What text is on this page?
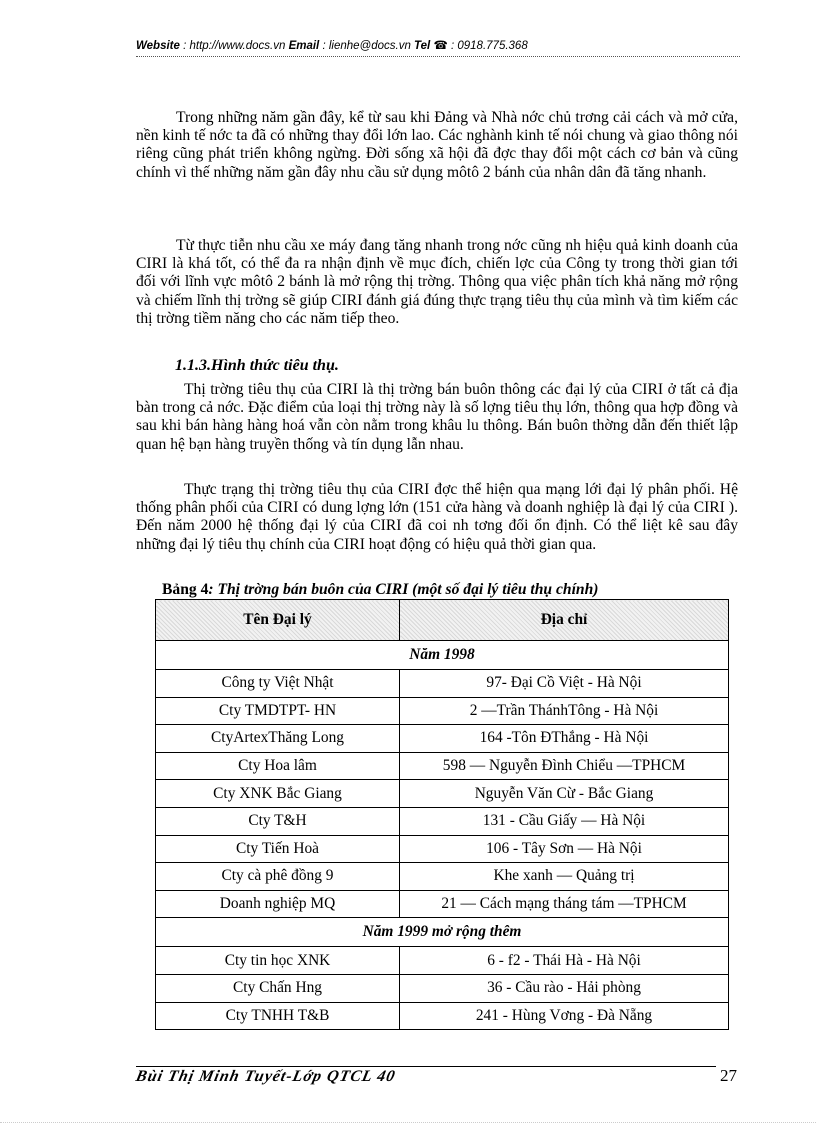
Website : http://www.docs.vn Email : lienhe@docs.vn Tel ☎ : 0918.775.368
Trong những năm gần đây, kể từ sau khi Đảng và Nhà nớc chủ trơng cải cách và mở cửa, nền kinh tế nớc ta đã có những thay đổi lớn lao. Các nghành kinh tế nói chung và giao thông nói riêng cũng phát triển không ngừng. Đời sống xã hội đã đợc thay đổi một cách cơ bản và cũng chính vì thế những năm gần đây nhu cầu sử dụng môtô 2 bánh của nhân dân đã tăng nhanh.
Từ thực tiễn nhu cầu xe máy đang tăng nhanh trong nớc cũng nh hiệu quả kinh doanh của CIRI là khá tốt, có thể đa ra nhận định về mục đích, chiến lợc của Công ty trong thời gian tới đối với lĩnh vực môtô 2 bánh là mở rộng thị trờng. Thông qua việc phân tích khả năng mở rộng và chiếm lĩnh thị trờng sẽ giúp CIRI đánh giá đúng thực trạng tiêu thụ của mình và tìm kiếm các thị trờng tiềm năng cho các năm tiếp theo.
1.1.3.Hình thức tiêu thụ.
Thị trờng tiêu thụ của CIRI là thị trờng bán buôn thông các đại lý của CIRI ở tất cả địa bàn trong cả nớc. Đặc điểm của loại thị trờng này là số lợng tiêu thụ lớn, thông qua hợp đồng và sau khi bán hàng hàng hoá vẫn còn nằm trong khâu lu thông. Bán buôn thờng dẫn đến thiết lập quan hệ bạn hàng truyền thống và tín dụng lẫn nhau.
Thực trạng thị trờng tiêu thụ của CIRI đợc thể hiện qua mạng lới đại lý phân phối. Hệ thống phân phối của CIRI có dung lợng lớn (151 cửa hàng và doanh nghiệp là đại lý của CIRI ). Đến năm 2000 hệ thống đại lý của CIRI đã coi nh tơng đối ổn định. Có thể liệt kê sau đây những đại lý tiêu thụ chính của CIRI hoạt động có hiệu quả thời gian qua.
Bảng 4: Thị trờng bán buôn của CIRI (một số đại lý tiêu thụ chính)
Tên Đại lý	Địa chỉ
Năm 1998	
Công ty Việt Nhật	97- Đại Cồ Việt - Hà Nội
Cty TMDTPT- HN	2 —Trần ThánhTông - Hà Nội
CtyArtexThăng Long	164 -Tôn ĐThắng - Hà Nội
Cty Hoa lâm	598 — Nguyễn Đình Chiểu —TPHCM
Cty XNK Bắc Giang	Nguyễn Văn Cừ - Bắc Giang
Cty T&H	131 - Cầu Giấy — Hà Nội
Cty Tiến Hoà	106 - Tây Sơn — Hà Nội
Cty cà phê đồng 9	Khe xanh — Quảng trị
Doanh nghiệp MQ	21 — Cách mạng tháng tám —TPHCM
Năm 1999 mở rộng thêm	
Cty tin học XNK	6 - f2 - Thái Hà - Hà Nội
Cty Chấn Hng	36 - Cầu rào - Hải phòng
Cty TNHH T&B	241 - Hùng Vơng - Đà Nẵng
Bùi Thị Minh Tuyết-Lớp QTCL 40	27
